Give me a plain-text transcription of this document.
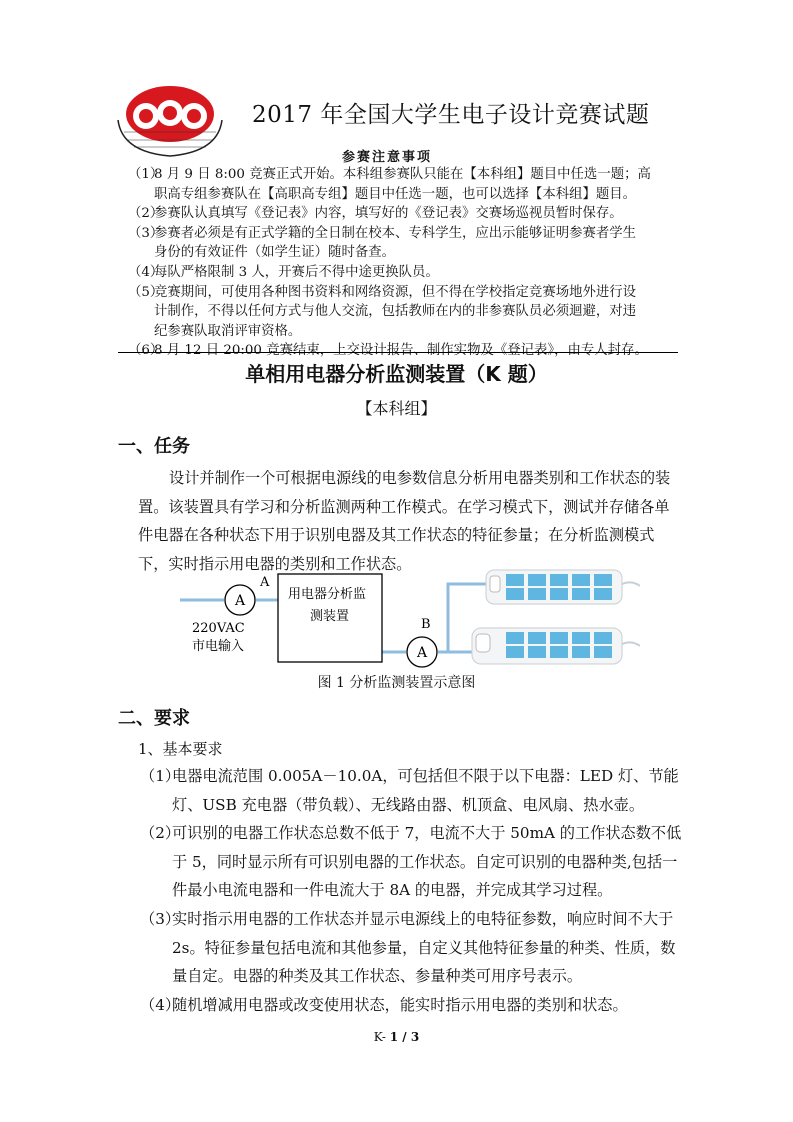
2017 年全国大学生电子设计竞赛试题
参赛注意事项
（1）
8 月 9 日 8:00 竞赛正式开始。本科组参赛队只能在【本科组】题目中任选一题；高
职高专组参赛队在【高职高专组】题目中任选一题，也可以选择【本科组】题目。
（2）
参赛队认真填写《登记表》内容，填写好的《登记表》交赛场巡视员暂时保存。
（3）
参赛者必须是有正式学籍的全日制在校本、专科学生，应出示能够证明参赛者学生
身份的有效证件（如学生证）随时备查。
（4）
每队严格限制 3 人，开赛后不得中途更换队员。
（5）
竞赛期间，可使用各种图书资料和网络资源，但不得在学校指定竞赛场地外进行设
计制作，不得以任何方式与他人交流，包括教师在内的非参赛队员必须迴避，对违
纪参赛队取消评审资格。
（6）
8 月 12 日 20:00 竞赛结束，上交设计报告、制作实物及《登记表》，由专人封存。
单相用电器分析监测装置（K 题）
【本科组】
一、任务
设计并制作一个可根据电源线的电参数信息分析用电器类别和工作状态的装置。该装置具有学习和分析监测两种工作模式。在学习模式下，测试并存储各单件电器在各种状态下用于识别电器及其工作状态的特征参量；在分析监测模式下，实时指示用电器的类别和工作状态。
A
A
用电器分析监
测装置
A
B
220VAC
市电输入
图 1 分析监测装置示意图
二、要求
1、基本要求
（1）
电器电流范围 0.005A－10.0A，可包括但不限于以下电器：LED 灯、节能灯、USB 充电器（带负载）、无线路由器、机顶盒、电风扇、热水壶。
（2）
可识别的电器工作状态总数不低于 7，电流不大于 50mA 的工作状态数不低于 5，同时显示所有可识别电器的工作状态。自定可识别的电器种类,包括一件最小电流电器和一件电流大于 8A 的电器，并完成其学习过程。
（3）
实时指示用电器的工作状态并显示电源线上的电特征参数，响应时间不大于 2s。特征参量包括电流和其他参量，自定义其他特征参量的种类、性质，数量自定。电器的种类及其工作状态、参量种类可用序号表示。
（4）
随机增减用电器或改变使用状态，能实时指示用电器的类别和状态。
K- 1 / 3
